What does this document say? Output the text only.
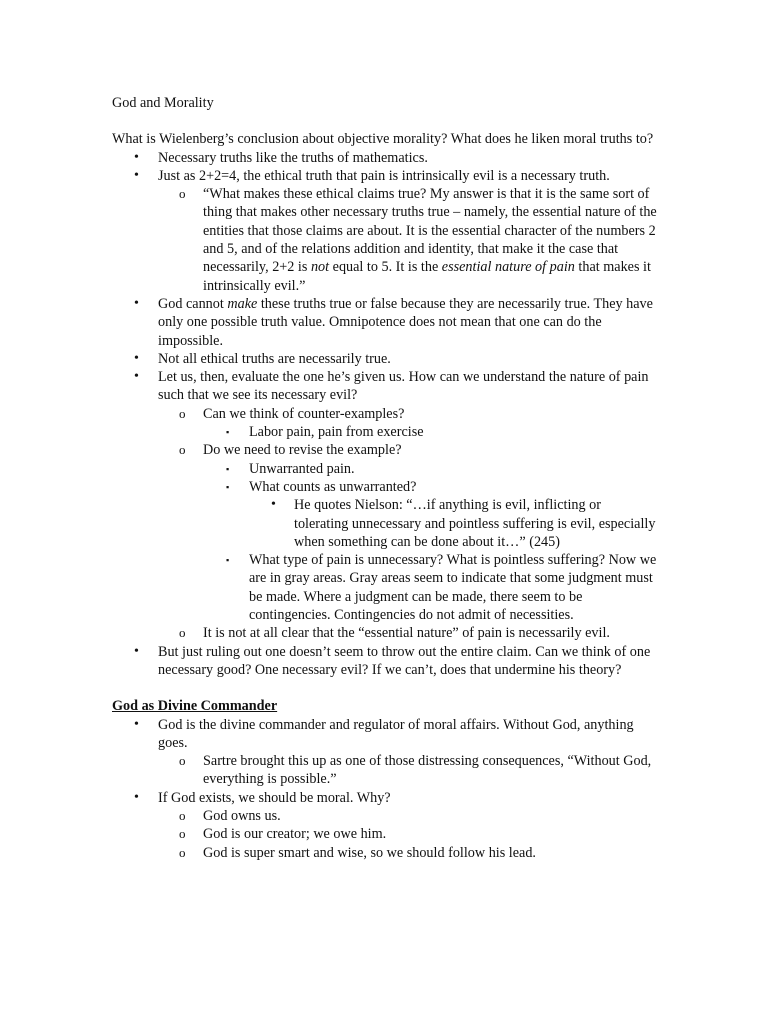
God and Morality

What is Wielenberg’s conclusion about objective morality? What does he liken moral truths to?

• Necessary truths like the truths of mathematics.
• Just as 2+2=4, the ethical truth that pain is intrinsically evil is a necessary truth.
o “What makes these ethical claims true? My answer is that it is the same sort of thing that makes other necessary truths true – namely, the essential nature of the entities that those claims are about. It is the essential character of the numbers 2 and 5, and of the relations addition and identity, that make it the case that necessarily, 2+2 is not equal to 5. It is the essential nature of pain that makes it intrinsically evil.”
• God cannot make these truths true or false because they are necessarily true. They have only one possible truth value. Omnipotence does not mean that one can do the impossible.
• Not all ethical truths are necessarily true.
• Let us, then, evaluate the one he’s given us. How can we understand the nature of pain such that we see its necessary evil?
o Can we think of counter-examples?
▪ Labor pain, pain from exercise
o Do we need to revise the example?
▪ Unwarranted pain.
▪ What counts as unwarranted?
• He quotes Nielson: “…if anything is evil, inflicting or tolerating unnecessary and pointless suffering is evil, especially when something can be done about it…” (245)
▪ What type of pain is unnecessary? What is pointless suffering? Now we are in gray areas. Gray areas seem to indicate that some judgment must be made. Where a judgment can be made, there seem to be contingencies. Contingencies do not admit of necessities.
o It is not at all clear that the “essential nature” of pain is necessarily evil.
• But just ruling out one doesn’t seem to throw out the entire claim. Can we think of one necessary good? One necessary evil? If we can’t, does that undermine his theory?

God as Divine Commander

• God is the divine commander and regulator of moral affairs. Without God, anything goes.
o Sartre brought this up as one of those distressing consequences, “Without God, everything is possible.”
• If God exists, we should be moral. Why?
o God owns us.
o God is our creator; we owe him.
o God is super smart and wise, so we should follow his lead.
